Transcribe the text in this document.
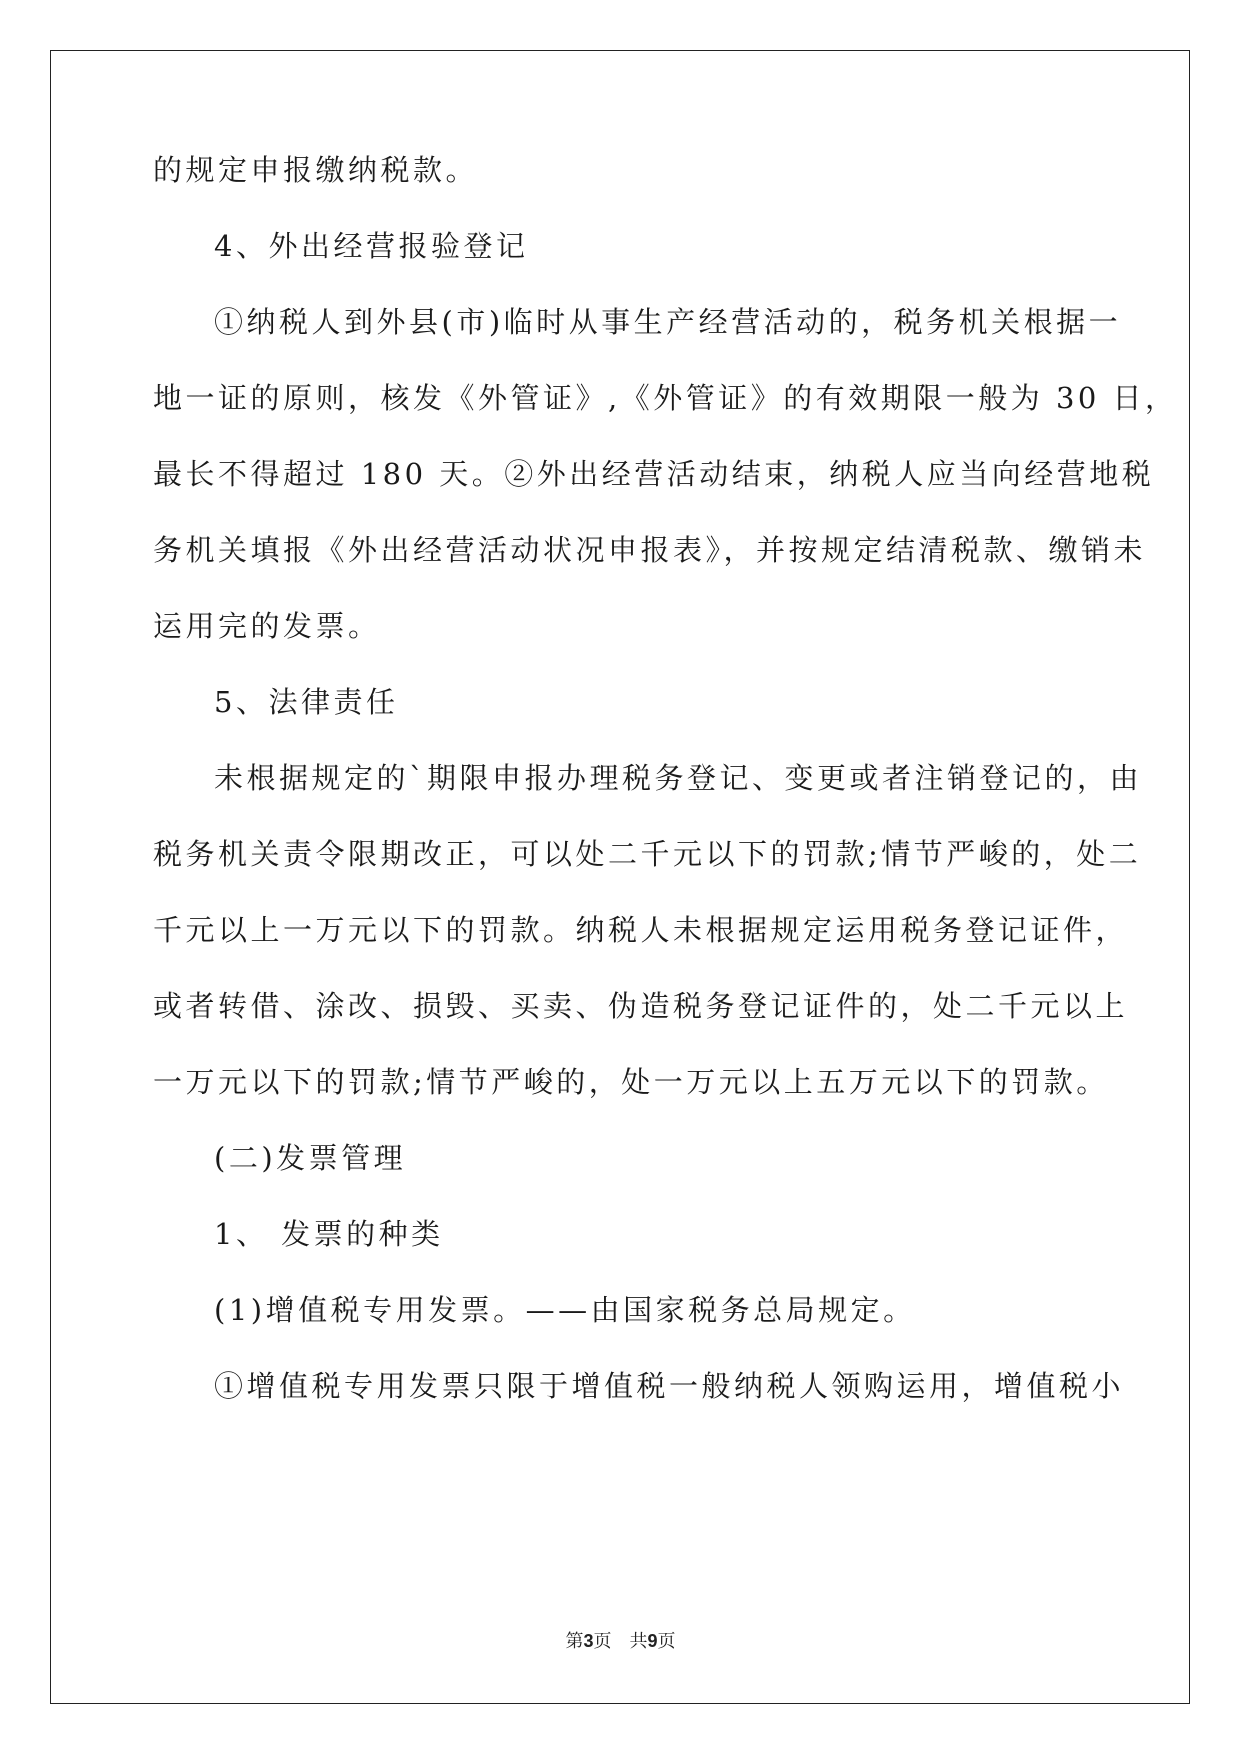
的规定申报缴纳税款。
4、外出经营报验登记
①纳税人到外县(市)临时从事生产经营活动的，税务机关根据一
地一证的原则，核发《外管证》,《外管证》的有效期限一般为 30 日，
最长不得超过 180 天。②外出经营活动结束，纳税人应当向经营地税
务机关填报《外出经营活动状况申报表》，并按规定结清税款、缴销未
运用完的发票。
5、法律责任
未根据规定的`期限申报办理税务登记、变更或者注销登记的，由
税务机关责令限期改正，可以处二千元以下的罚款;情节严峻的，处二
千元以上一万元以下的罚款。纳税人未根据规定运用税务登记证件，
或者转借、涂改、损毁、买卖、伪造税务登记证件的，处二千元以上
一万元以下的罚款;情节严峻的，处一万元以上五万元以下的罚款。
(二)发票管理
1、 发票的种类
(1)增值税专用发票。——由国家税务总局规定。
①增值税专用发票只限于增值税一般纳税人领购运用，增值税小
第3页 共9页
